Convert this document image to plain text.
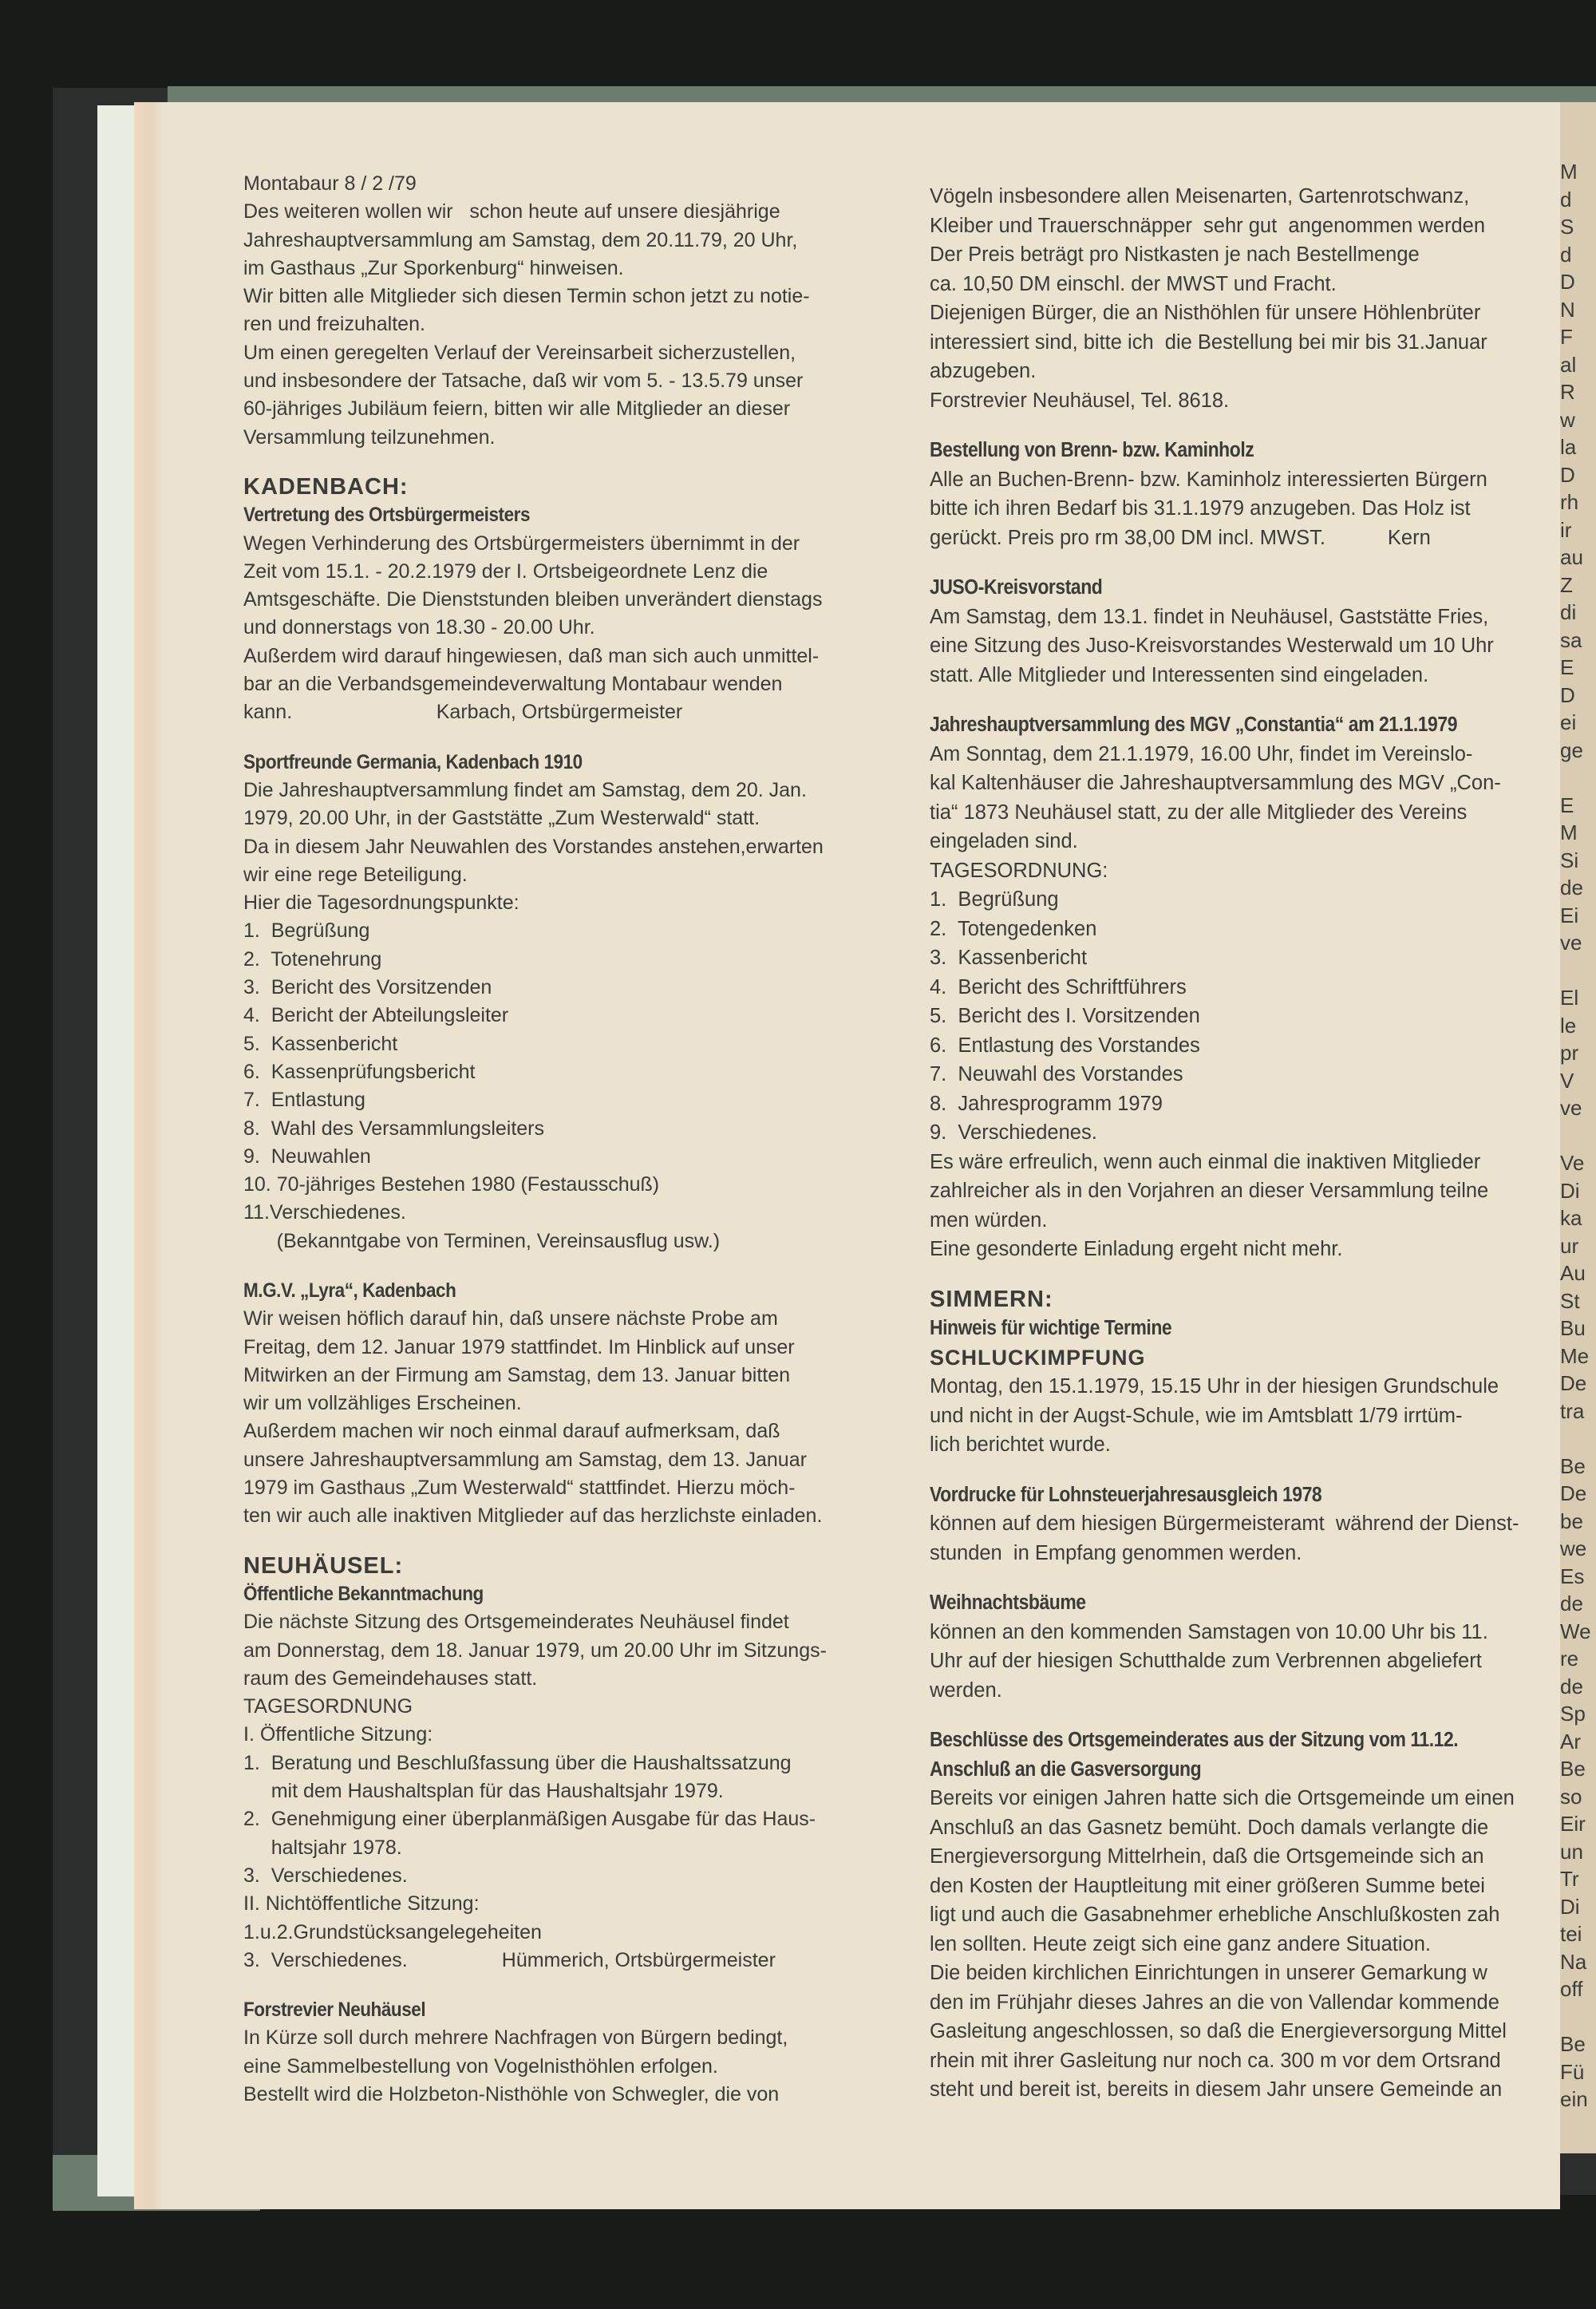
M
d
S
d
D
N
F
al
R
w
la
D
rh
ir
au
Z
di
sa
E
D
ei
ge

E
M
Si
de
Ei
ve

El
le
pr
V
ve

Ve
Di
ka
ur
Au
St
Bu
Me
De
tra

Be
De
be
we
Es
de
We
re
de
Sp
Ar
Be
so
Eir
un
Tr
Di
tei
Na
off

Be
Fü
ein
Montabaur 8 / 2 /79
Des weiteren wollen wir   schon heute auf unsere diesjährige
Jahreshauptversammlung am Samstag, dem 20.11.79, 20 Uhr,
im Gasthaus „Zur Sporkenburg“ hinweisen.
Wir bitten alle Mitglieder sich diesen Termin schon jetzt zu notie-
ren und freizuhalten.
Um einen geregelten Verlauf der Vereinsarbeit sicherzustellen,
und insbesondere der Tatsache, daß wir vom 5. - 13.5.79 unser
60-jähriges Jubiläum feiern, bitten wir alle Mitglieder an dieser
Versammlung teilzunehmen.
KADENBACH:
Vertretung des Ortsbürgermeisters
Wegen Verhinderung des Ortsbürgermeisters übernimmt in der
Zeit vom 15.1. - 20.2.1979 der I. Ortsbeigeordnete Lenz die
Amtsgeschäfte. Die Dienststunden bleiben unverändert dienstags
und donnerstags von 18.30 - 20.00 Uhr.
Außerdem wird darauf hingewiesen, daß man sich auch unmittel-
bar an die Verbandsgemeindeverwaltung Montabaur wenden
kann.                          Karbach, Ortsbürgermeister
Sportfreunde Germania, Kadenbach 1910
Die Jahreshauptversammlung findet am Samstag, dem 20. Jan.
1979, 20.00 Uhr, in der Gaststätte „Zum Westerwald“ statt.
Da in diesem Jahr Neuwahlen des Vorstandes anstehen,erwarten
wir eine rege Beteiligung.
Hier die Tagesordnungspunkte:
1.  Begrüßung
2.  Totenehrung
3.  Bericht des Vorsitzenden
4.  Bericht der Abteilungsleiter
5.  Kassenbericht
6.  Kassenprüfungsbericht
7.  Entlastung
8.  Wahl des Versammlungsleiters
9.  Neuwahlen
10. 70-jähriges Bestehen 1980 (Festausschuß)
11.Verschiedenes.
(Bekanntgabe von Terminen, Vereinsausflug usw.)
M.G.V. „Lyra“, Kadenbach
Wir weisen höflich darauf hin, daß unsere nächste Probe am
Freitag, dem 12. Januar 1979 stattfindet. Im Hinblick auf unser
Mitwirken an der Firmung am Samstag, dem 13. Januar bitten
wir um vollzähliges Erscheinen.
Außerdem machen wir noch einmal darauf aufmerksam, daß
unsere Jahreshauptversammlung am Samstag, dem 13. Januar
1979 im Gasthaus „Zum Westerwald“ stattfindet. Hierzu möch-
ten wir auch alle inaktiven Mitglieder auf das herzlichste einladen.
NEUHÄUSEL:
Öffentliche Bekanntmachung
Die nächste Sitzung des Ortsgemeinderates Neuhäusel findet
am Donnerstag, dem 18. Januar 1979, um 20.00 Uhr im Sitzungs-
raum des Gemeindehauses statt.
TAGESORDNUNG
I. Öffentliche Sitzung:
1.  Beratung und Beschlußfassung über die Haushaltssatzung
mit dem Haushaltsplan für das Haushaltsjahr 1979.
2.  Genehmigung einer überplanmäßigen Ausgabe für das Haus-
haltsjahr 1978.
3.  Verschiedenes.
II. Nichtöffentliche Sitzung:
1.u.2.Grundstücksangelegeheiten
3.  Verschiedenes.                 Hümmerich, Ortsbürgermeister
Forstrevier Neuhäusel
In Kürze soll durch mehrere Nachfragen von Bürgern bedingt,
eine Sammelbestellung von Vogelnisthöhlen erfolgen.
Bestellt wird die Holzbeton-Nisthöhle von Schwegler, die von
Vögeln insbesondere allen Meisenarten, Gartenrotschwanz,
Kleiber und Trauerschnäpper  sehr gut  angenommen werden
Der Preis beträgt pro Nistkasten je nach Bestellmenge
ca. 10,50 DM einschl. der MWST und Fracht.
Diejenigen Bürger, die an Nisthöhlen für unsere Höhlenbrüter
interessiert sind, bitte ich  die Bestellung bei mir bis 31.Januar
abzugeben.
Forstrevier Neuhäusel, Tel. 8618.
Bestellung von Brenn- bzw. Kaminholz
Alle an Buchen-Brenn- bzw. Kaminholz interessierten Bürgern
bitte ich ihren Bedarf bis 31.1.1979 anzugeben. Das Holz ist
gerückt. Preis pro rm 38,00 DM incl. MWST.           Kern
JUSO-Kreisvorstand
Am Samstag, dem 13.1. findet in Neuhäusel, Gaststätte Fries,
eine Sitzung des Juso-Kreisvorstandes Westerwald um 10 Uhr
statt. Alle Mitglieder und Interessenten sind eingeladen.
Jahreshauptversammlung des MGV „Constantia“ am 21.1.1979
Am Sonntag, dem 21.1.1979, 16.00 Uhr, findet im Vereinslo-
kal Kaltenhäuser die Jahreshauptversammlung des MGV „Con-
tia“ 1873 Neuhäusel statt, zu der alle Mitglieder des Vereins
eingeladen sind.
TAGESORDNUNG:
1.  Begrüßung
2.  Totengedenken
3.  Kassenbericht
4.  Bericht des Schriftführers
5.  Bericht des I. Vorsitzenden
6.  Entlastung des Vorstandes
7.  Neuwahl des Vorstandes
8.  Jahresprogramm 1979
9.  Verschiedenes.
Es wäre erfreulich, wenn auch einmal die inaktiven Mitglieder
zahlreicher als in den Vorjahren an dieser Versammlung teilne
men würden.
Eine gesonderte Einladung ergeht nicht mehr.
SIMMERN:
Hinweis für wichtige Termine
SCHLUCKIMPFUNG
Montag, den 15.1.1979, 15.15 Uhr in der hiesigen Grundschule
und nicht in der Augst-Schule, wie im Amtsblatt 1/79 irrtüm-
lich berichtet wurde.
Vordrucke für Lohnsteuerjahresausgleich 1978
können auf dem hiesigen Bürgermeisteramt  während der Dienst-
stunden  in Empfang genommen werden.
Weihnachtsbäume
können an den kommenden Samstagen von 10.00 Uhr bis 11.
Uhr auf der hiesigen Schutthalde zum Verbrennen abgeliefert
werden.
Beschlüsse des Ortsgemeinderates aus der Sitzung vom 11.12.
Anschluß an die Gasversorgung
Bereits vor einigen Jahren hatte sich die Ortsgemeinde um einen
Anschluß an das Gasnetz bemüht. Doch damals verlangte die
Energieversorgung Mittelrhein, daß die Ortsgemeinde sich an
den Kosten der Hauptleitung mit einer größeren Summe betei
ligt und auch die Gasabnehmer erhebliche Anschlußkosten zah
len sollten. Heute zeigt sich eine ganz andere Situation.
Die beiden kirchlichen Einrichtungen in unserer Gemarkung w
den im Frühjahr dieses Jahres an die von Vallendar kommende
Gasleitung angeschlossen, so daß die Energieversorgung Mittel
rhein mit ihrer Gasleitung nur noch ca. 300 m vor dem Ortsrand
steht und bereit ist, bereits in diesem Jahr unsere Gemeinde an
